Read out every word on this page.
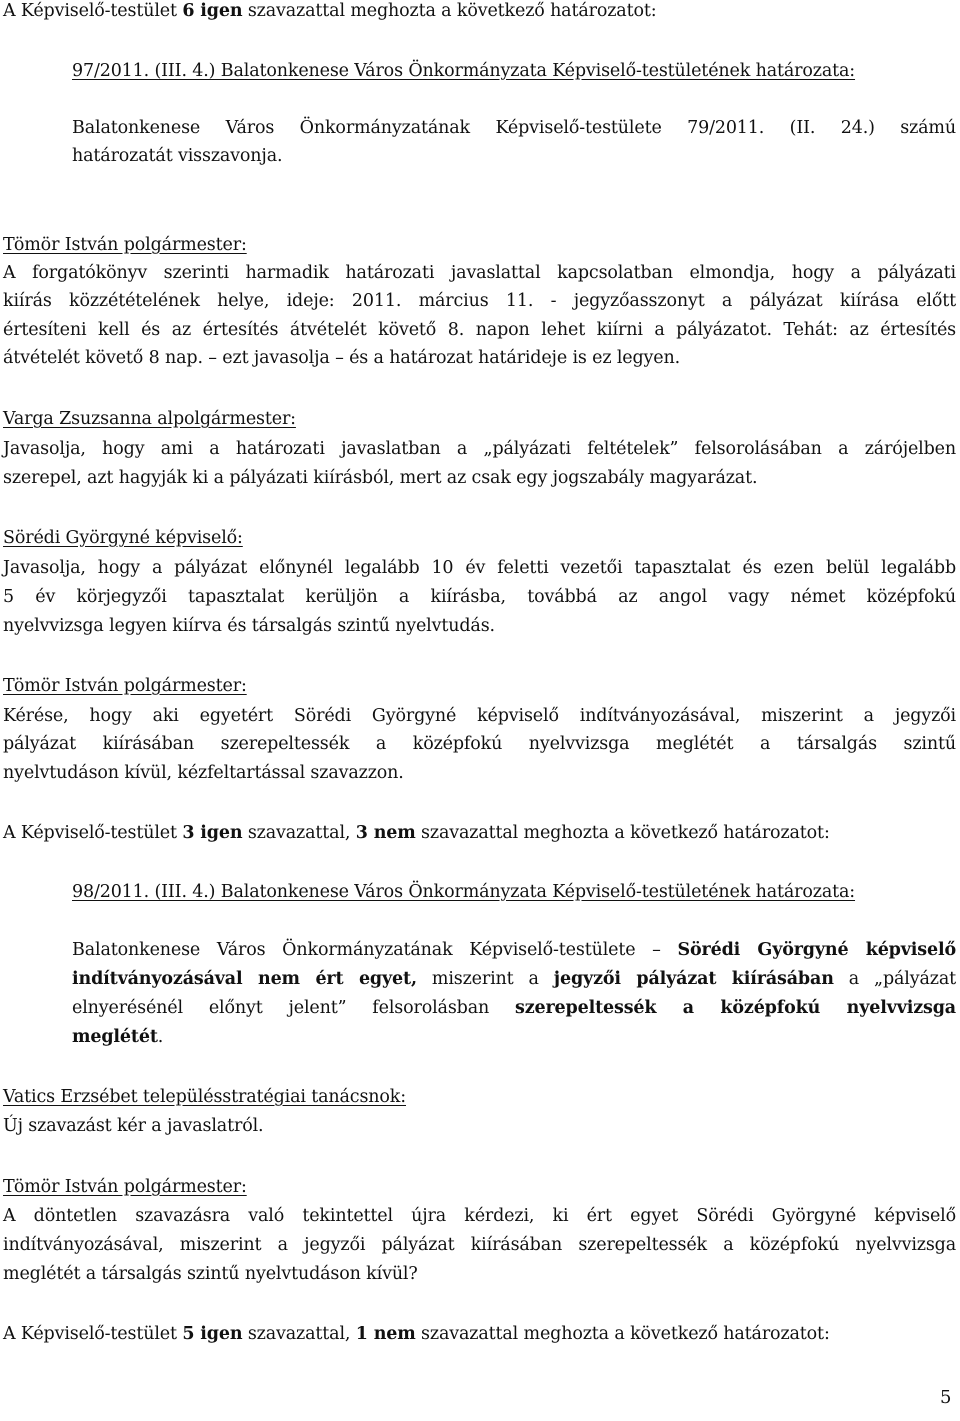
A Képviselő-testület 6 igen szavazattal meghozta a következő határozatot:
97/2011. (III. 4.) Balatonkenese Város Önkormányzata Képviselő-testületének határozata:
Balatonkenese Város Önkormányzatának Képviselő-testülete 79/2011. (II. 24.) számú
határozatát visszavonja.
Tömör István polgármester:
A forgatókönyv szerinti harmadik határozati javaslattal kapcsolatban elmondja, hogy a pályázati
kiírás közzétételének helye, ideje: 2011. március 11. - jegyzőasszonyt a pályázat kiírása előtt
értesíteni kell és az értesítés átvételét követő 8. napon lehet kiírni a pályázatot. Tehát: az értesítés
átvételét követő 8 nap. – ezt javasolja – és a határozat határideje is ez legyen.
Varga Zsuzsanna alpolgármester:
Javasolja, hogy ami a határozati javaslatban a „pályázati feltételek” felsorolásában a zárójelben
szerepel, azt hagyják ki a pályázati kiírásból, mert az csak egy jogszabály magyarázat.
Sörédi Györgyné képviselő:
Javasolja, hogy a pályázat előnynél legalább 10 év feletti vezetői tapasztalat és ezen belül legalább
5 év körjegyzői tapasztalat kerüljön a kiírásba, továbbá az angol vagy német középfokú
nyelvvizsga legyen kiírva és társalgás szintű nyelvtudás.
Tömör István polgármester:
Kérése, hogy aki egyetért Sörédi Györgyné képviselő indítványozásával, miszerint a jegyzői
pályázat kiírásában szerepeltessék a középfokú nyelvvizsga meglétét a társalgás szintű
nyelvtudáson kívül, kézfeltartással szavazzon.
A Képviselő-testület 3 igen szavazattal, 3 nem szavazattal meghozta a következő határozatot:
98/2011. (III. 4.) Balatonkenese Város Önkormányzata Képviselő-testületének határozata:
Balatonkenese Város Önkormányzatának Képviselő-testülete – Sörédi Györgyné képviselő
indítványozásával nem ért egyet, miszerint a jegyzői pályázat kiírásában a „pályázat
elnyerésénél előnyt jelent” felsorolásban szerepeltessék a középfokú nyelvvizsga
meglétét.
Vatics Erzsébet településstratégiai tanácsnok:
Új szavazást kér a javaslatról.
Tömör István polgármester:
A döntetlen szavazásra való tekintettel újra kérdezi, ki ért egyet Sörédi Györgyné képviselő
indítványozásával, miszerint a jegyzői pályázat kiírásában szerepeltessék a középfokú nyelvvizsga
meglétét a társalgás szintű nyelvtudáson kívül?
A Képviselő-testület 5 igen szavazattal, 1 nem szavazattal meghozta a következő határozatot:
5
